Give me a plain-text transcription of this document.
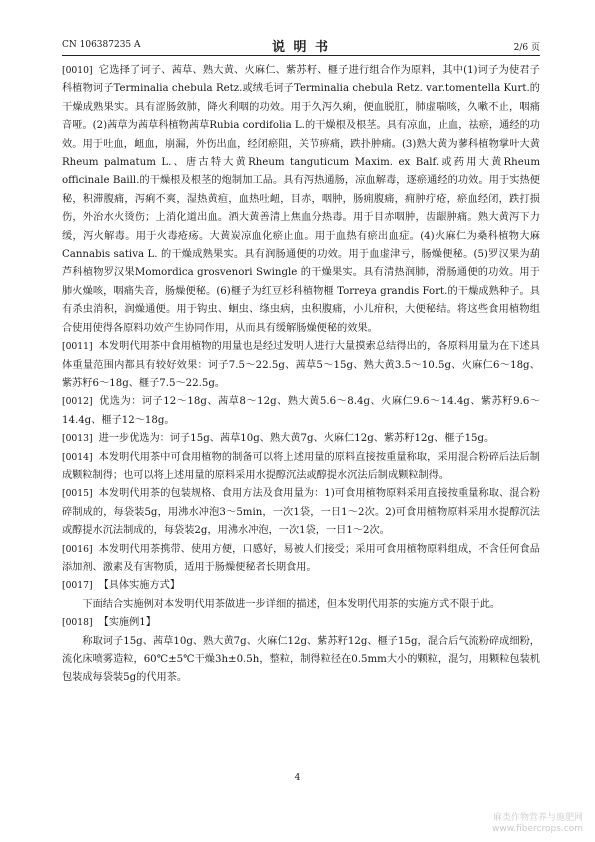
CN 106387235 A	说 明 书	2/6 页

[0010] 它选择了诃子、茜草、熟大黄、火麻仁、紫苏籽、榧子进行组合作为原料，其中(1)诃子为使君子科植物诃子Terminalia chebula Retz.或绒毛诃子Terminalia chebula Retz. var.tomentella Kurt.的干燥成熟果实。具有涩肠敛肺，降火利咽的功效。用于久泻久痢，便血脱肛，肺虚喘咳，久嗽不止，咽痛音哑。(2)茜草为茜草科植物茜草Rubia cordifolia L.的干燥根及根茎。具有凉血，止血，祛瘀，通经的功效。用于吐血，衄血，崩漏，外伤出血，经闭瘀阻，关节痹痛，跌扑肿痛。(3)熟大黄为蓼科植物掌叶大黄Rheum palmatum L.、唐古特大黄Rheum tanguticum Maxim. ex Balf.或药用大黄Rheum officinale Baill.的干燥根及根茎的炮制加工品。具有泻热通肠，凉血解毒，逐瘀通经的功效。用于实热便秘，积滞腹痛，泻痢不爽，湿热黄疸，血热吐衄，目赤，咽肿，肠痈腹痛，痈肿疔疮，瘀血经闭，跌打损伤，外治水火烫伤；上消化道出血。酒大黄善清上焦血分热毒。用于目赤咽肿，齿龈肿痛。熟大黄泻下力缓，泻火解毒。用于火毒疮疡。大黄炭凉血化瘀止血。用于血热有瘀出血症。(4)火麻仁为桑科植物大麻 Cannabis sativa L. 的干燥成熟果实。具有润肠通便的功效。用于血虚津亏，肠燥便秘。(5)罗汉果为葫芦科植物罗汉果Momordica grosvenori Swingle 的干燥果实。具有清热润肺，滑肠通便的功效。用于肺火燥咳，咽痛失音，肠燥便秘。(6)榧子为红豆杉科植物榧 Torreya grandis Fort.的干燥成熟种子。具有杀虫消积，润燥通便。用于钩虫、蛔虫、绦虫病，虫积腹痛，小儿疳积，大便秘结。将这些食用植物组合使用使得各原料功效产生协同作用，从而具有缓解肠燥便秘的效果。

[0011] 本发明代用茶中食用植物的用量也是经过发明人进行大量摸索总结得出的，各原料用量为在下述具体重量范围内都具有较好效果：诃子7.5～22.5g、茜草5～15g、熟大黄3.5～10.5g、火麻仁6～18g、紫苏籽6～18g、榧子7.5～22.5g。

[0012] 优选为：诃子12～18g、茜草8～12g、熟大黄5.6～8.4g、火麻仁9.6～14.4g、紫苏籽9.6～14.4g、榧子12～18g。

[0013] 进一步优选为：诃子15g、茜草10g、熟大黄7g、火麻仁12g、紫苏籽12g、榧子15g。

[0014] 本发明代用茶中可食用植物的制备可以将上述用量的原料直接按重量称取，采用混合粉碎后法后制成颗粒制得；也可以将上述用量的原料采用水提醇沉法或醇提水沉法后制成颗粒制得。

[0015] 本发明代用茶的包装规格、食用方法及食用量为：1)可食用植物原料采用直接按重量称取、混合粉碎制成的，每袋装5g，用沸水冲泡3～5min，一次1袋，一日1～2次。2)可食用植物原料采用水提醇沉法或醇提水沉法制成的，每袋装2g，用沸水冲泡，一次1袋，一日1～2次。

[0016] 本发明代用茶携带、使用方便，口感好，易被人们接受；采用可食用植物原料组成，不含任何食品添加剂、激素及有害物质，适用于肠燥便秘者长期食用。

[0017] 【具体实施方式】

下面结合实施例对本发明代用茶做进一步详细的描述，但本发明代用茶的实施方式不限于此。

[0018] 【实施例1】

称取诃子15g、茜草10g、熟大黄7g、火麻仁12g、紫苏籽12g、榧子15g，混合后气流粉碎成细粉，流化床喷雾造粒，60℃±5℃干燥3h±0.5h，整粒，制得粒径在0.5mm大小的颗粒，混匀，用颗粒包装机包装成每袋装5g的代用茶。

4
麻类作物营养与施肥网
www.fibercrops.com
